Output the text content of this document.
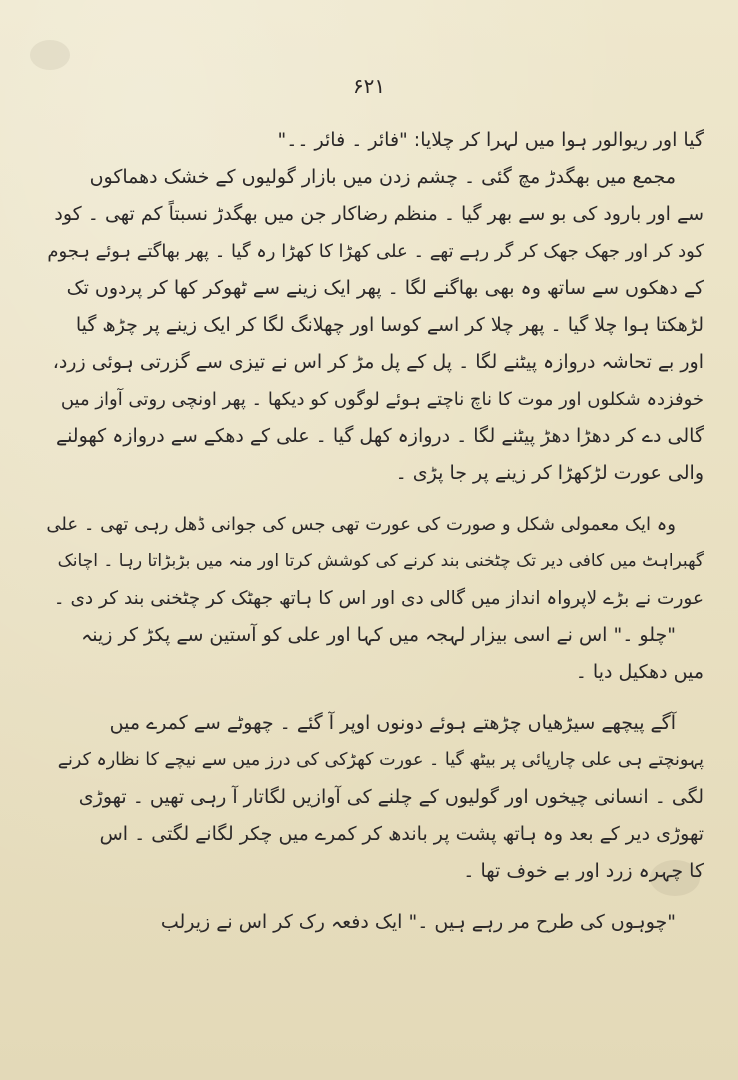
۶۲۱
گیا اور ریوالور ہوا میں لہرا کر چلایا: "فائر ۔ فائر ۔۔"
مجمع میں بھگدڑ مچ گئی ۔ چشم زدن میں بازار گولیوں کے خشک دھماکوں
سے اور بارود کی بو سے بھر گیا ۔ منظم رضاکار جن میں بھگدڑ نسبتاً کم تھی ۔ کود
کود کر اور جھک جھک کر گر رہے تھے ۔ علی کھڑا کا کھڑا رہ گیا ۔ پھر بھاگتے ہوئے ہجوم
کے دھکوں سے ساتھ وہ بھی بھاگنے لگا ۔ پھر ایک زینے سے ٹھوکر کھا کر پردوں تک
لڑھکتا ہوا چلا گیا ۔ پھر چلا کر اسے کوسا اور چھلانگ لگا کر ایک زینے پر چڑھ گیا
اور بے تحاشہ دروازہ پیٹنے لگا ۔ پل کے پل مڑ کر اس نے تیزی سے گزرتی ہوئی زرد،
خوفزدہ شکلوں اور موت کا ناچ ناچتے ہوئے لوگوں کو دیکھا ۔ پھر اونچی روتی آواز میں
گالی دے کر دھڑا دھڑ پیٹنے لگا ۔ دروازہ کھل گیا ۔ علی کے دھکے سے دروازہ کھولنے
والی عورت لڑکھڑا کر زینے پر جا پڑی ۔
وہ ایک معمولی شکل و صورت کی عورت تھی جس کی جوانی ڈھل رہی تھی ۔ علی
گھبراہٹ میں کافی دیر تک چٹخنی بند کرنے کی کوشش کرتا اور منہ میں بڑبڑاتا رہا ۔ اچانک
عورت نے بڑے لاپرواہ انداز میں گالی دی اور اس کا ہاتھ جھٹک کر چٹخنی بند کر دی ۔
"چلو ۔" اس نے اسی بیزار لہجہ میں کہا اور علی کو آستین سے پکڑ کر زینہ
میں دھکیل دیا ۔
آگے پیچھے سیڑھیاں چڑھتے ہوئے دونوں اوپر آ گئے ۔ چھوٹے سے کمرے میں
پہونچتے ہی علی چارپائی پر بیٹھ گیا ۔ عورت کھڑکی کی درز میں سے نیچے کا نظارہ کرنے
لگی ۔ انسانی چیخوں اور گولیوں کے چلنے کی آوازیں لگاتار آ رہی تھیں ۔ تھوڑی
تھوڑی دیر کے بعد وہ ہاتھ پشت پر باندھ کر کمرے میں چکر لگانے لگتی ۔ اس
کا چہرہ زرد اور بے خوف تھا ۔
"چوہوں کی طرح مر رہے ہیں ۔" ایک دفعہ رک کر اس نے زیرلب
